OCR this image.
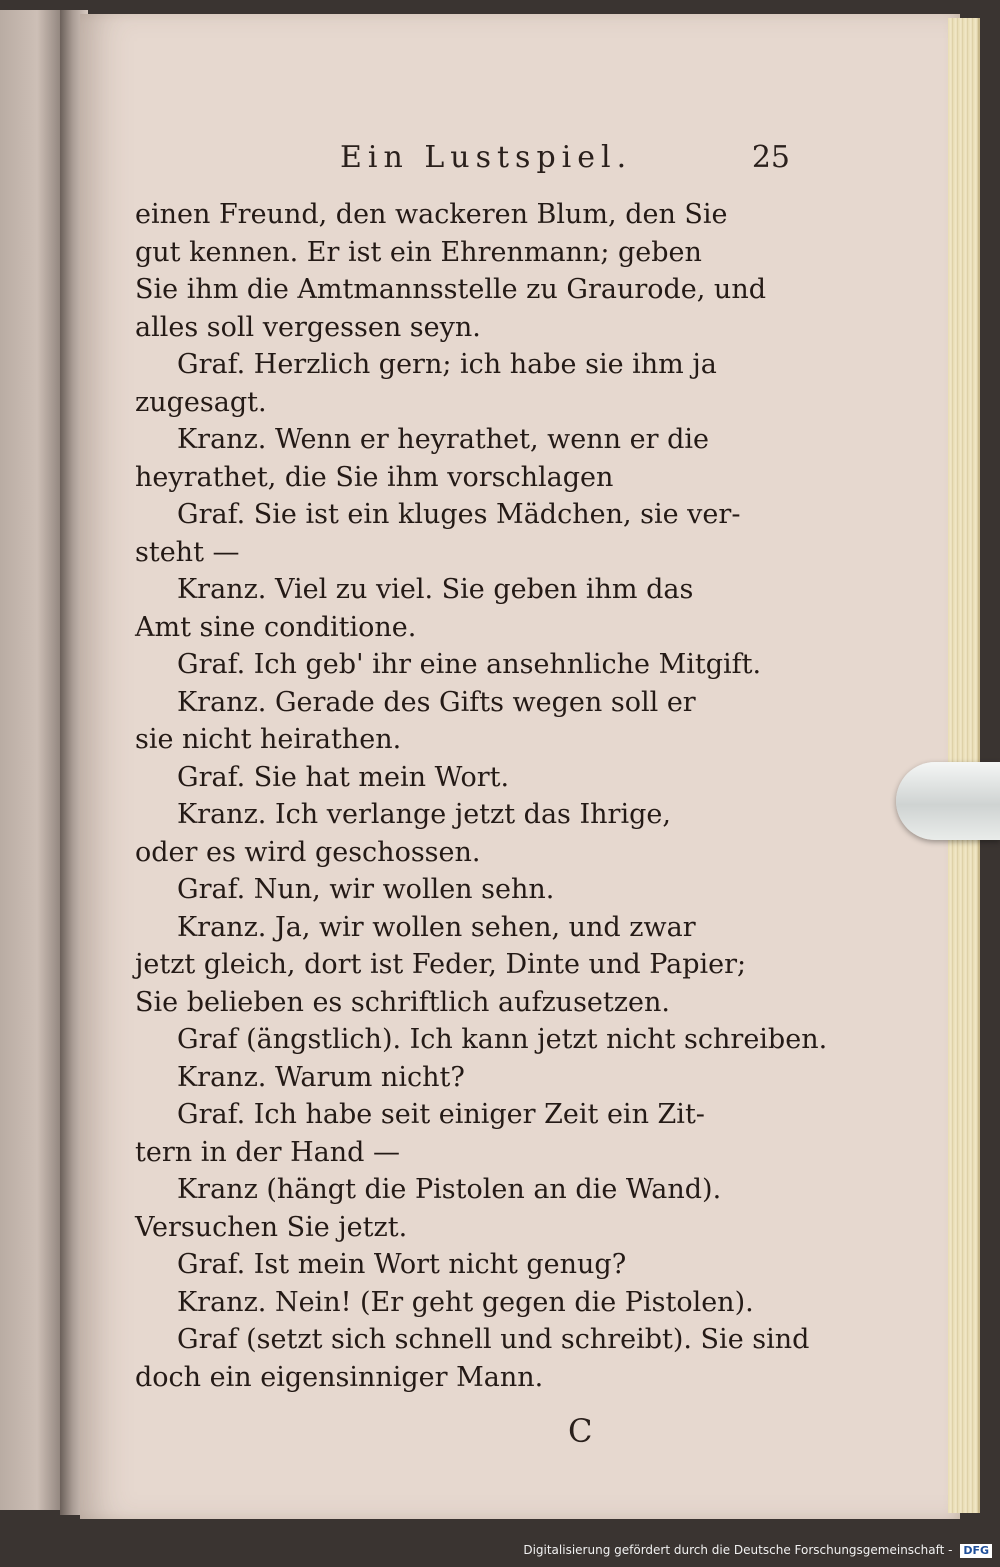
Ein Lustspiel.	25
einen Freund, den wackeren Blum, den Sie
gut kennen. Er ist ein Ehrenmann; geben
Sie ihm die Amtmannsstelle zu Graurode, und
alles soll vergessen seyn.
Graf. Herzlich gern; ich habe sie ihm ja
zugesagt.
Kranz. Wenn er heyrathet, wenn er die
heyrathet, die Sie ihm vorschlagen
Graf. Sie ist ein kluges Mädchen, sie ver-
steht —
Kranz. Viel zu viel. Sie geben ihm das
Amt sine conditione.
Graf. Ich geb' ihr eine ansehnliche Mitgift.
Kranz. Gerade des Gifts wegen soll er
sie nicht heirathen.
Graf. Sie hat mein Wort.
Kranz. Ich verlange jetzt das Ihrige,
oder es wird geschossen.
Graf. Nun, wir wollen sehn.
Kranz. Ja, wir wollen sehen, und zwar
jetzt gleich, dort ist Feder, Dinte und Papier;
Sie belieben es schriftlich aufzusetzen.
Graf (ängstlich). Ich kann jetzt nicht schreiben.
Kranz. Warum nicht?
Graf. Ich habe seit einiger Zeit ein Zit-
tern in der Hand —
Kranz (hängt die Pistolen an die Wand).
Versuchen Sie jetzt.
Graf. Ist mein Wort nicht genug?
Kranz. Nein! (Er geht gegen die Pistolen).
Graf (setzt sich schnell und schreibt). Sie sind
doch ein eigensinniger Mann.
C
Digitalisierung gefördert durch die Deutsche Forschungsgemeinschaft - DFG
